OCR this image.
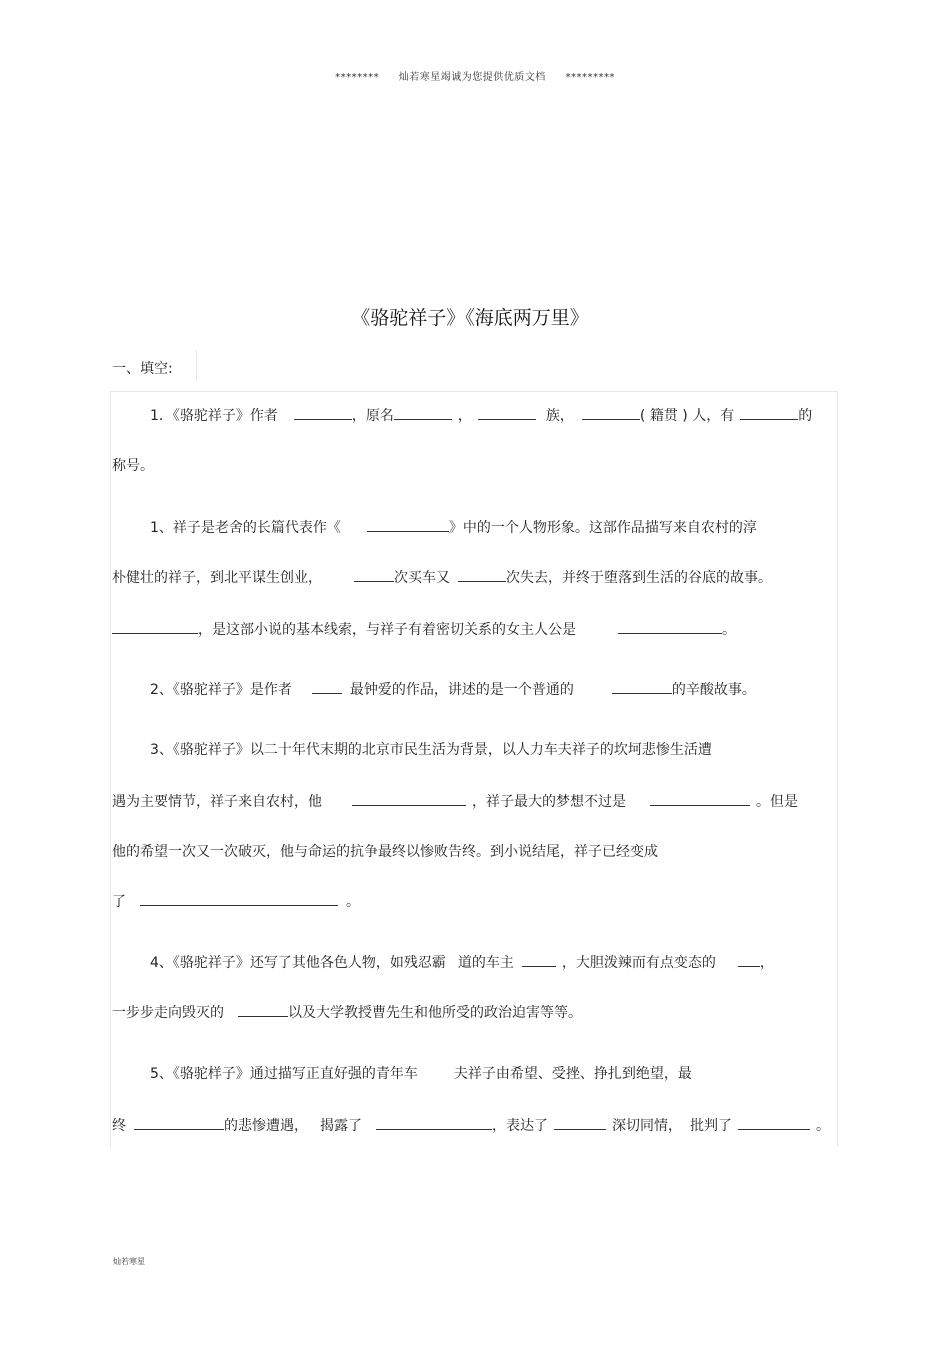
******** 灿若寒星竭诚为您提供优质文档 *********
《骆驼祥子》《海底两万里》
一、填空:
1．《骆驼祥子》作者	，原名	，	族，	( 籍贯 ) 人，有	的
称号。
1、祥子是老舍的长篇代表作《	》中的一个人物形象。这部作品描写来自农村的淳
朴健壮的祥子，到北平谋生创业，	次买车又	次失去，并终于堕落到生活的谷底的故事。
，是这部小说的基本线索，与祥子有着密切关系的女主人公是	。
2、《骆驼祥子》是作者	最钟爱的作品，讲述的是一个普通的	的辛酸故事。
3、《骆驼祥子》以二十年代末期的北京市民生活为背景，以人力车夫祥子的坎坷悲惨生活遭
遇为主要情节，祥子来自农村，他	，祥子最大的梦想不过是	。但是
他的希望一次又一次破灭，他与命运的抗争最终以惨败告终。到小说结尾，祥子已经变成
了	。
4、《骆驼祥子》还写了其他各色人物，如残忍霸 道的车主	，大胆泼辣而有点变态的	，
一步步走向毁灭的	以及大学教授曹先生和他所受的政治迫害等等。
5、《骆驼样子》通过描写正直好强的青年车	夫祥子由希望、受挫、挣扎到绝望，最
终	的悲惨遭遇， 揭露了	，表达了	深切同情， 批判了	。
灿若寒星
